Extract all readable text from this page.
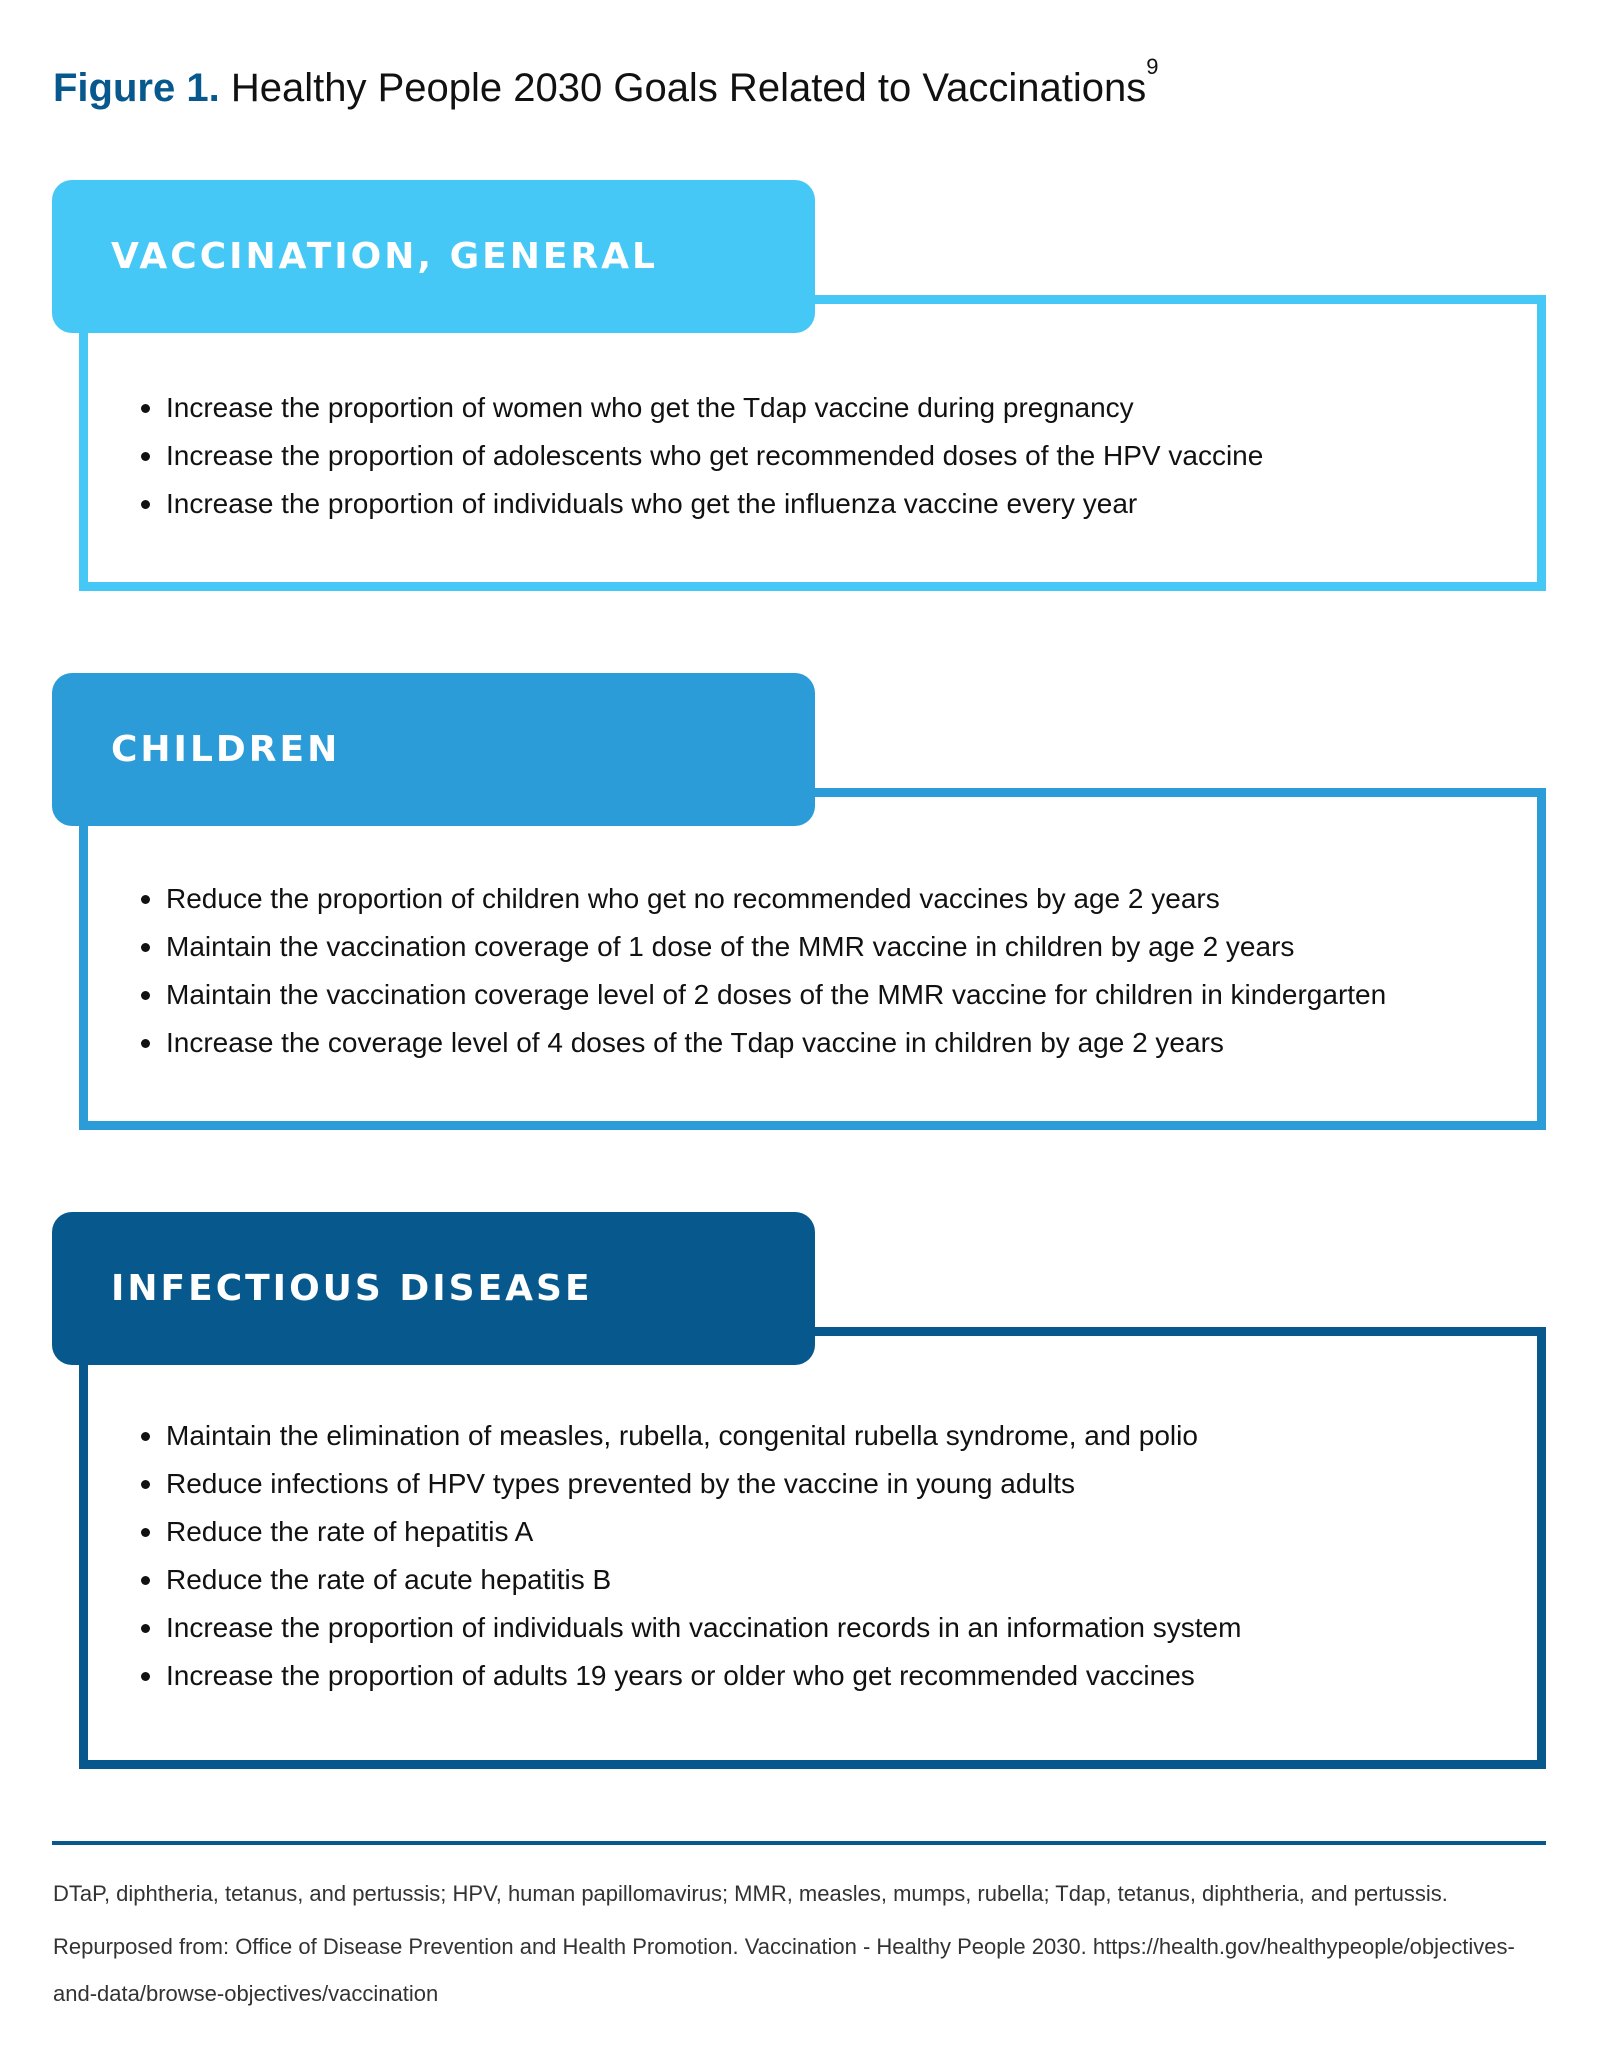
Figure 1. Healthy People 2030 Goals Related to Vaccinations$^9$
VACCINATION, GENERAL
Increase the proportion of women who get the Tdap vaccine during pregnancy
Increase the proportion of adolescents who get recommended doses of the HPV vaccine
Increase the proportion of individuals who get the influenza vaccine every year
CHILDREN
Reduce the proportion of children who get no recommended vaccines by age 2 years
Maintain the vaccination coverage of 1 dose of the MMR vaccine in children by age 2 years
Maintain the vaccination coverage level of 2 doses of the MMR vaccine for children in kindergarten
Increase the coverage level of 4 doses of the Tdap vaccine in children by age 2 years
INFECTIOUS DISEASE
Maintain the elimination of measles, rubella, congenital rubella syndrome, and polio
Reduce infections of HPV types prevented by the vaccine in young adults
Reduce the rate of hepatitis A
Reduce the rate of acute hepatitis B
Increase the proportion of individuals with vaccination records in an information system
Increase the proportion of adults 19 years or older who get recommended vaccines
DTaP, diphtheria, tetanus, and pertussis; HPV, human papillomavirus; MMR, measles, mumps, rubella; Tdap, tetanus, diphtheria, and pertussis.
Repurposed from: Office of Disease Prevention and Health Promotion. Vaccination - Healthy People 2030. https://health.gov/healthypeople/objectives-and-data/browse-objectives/vaccination
